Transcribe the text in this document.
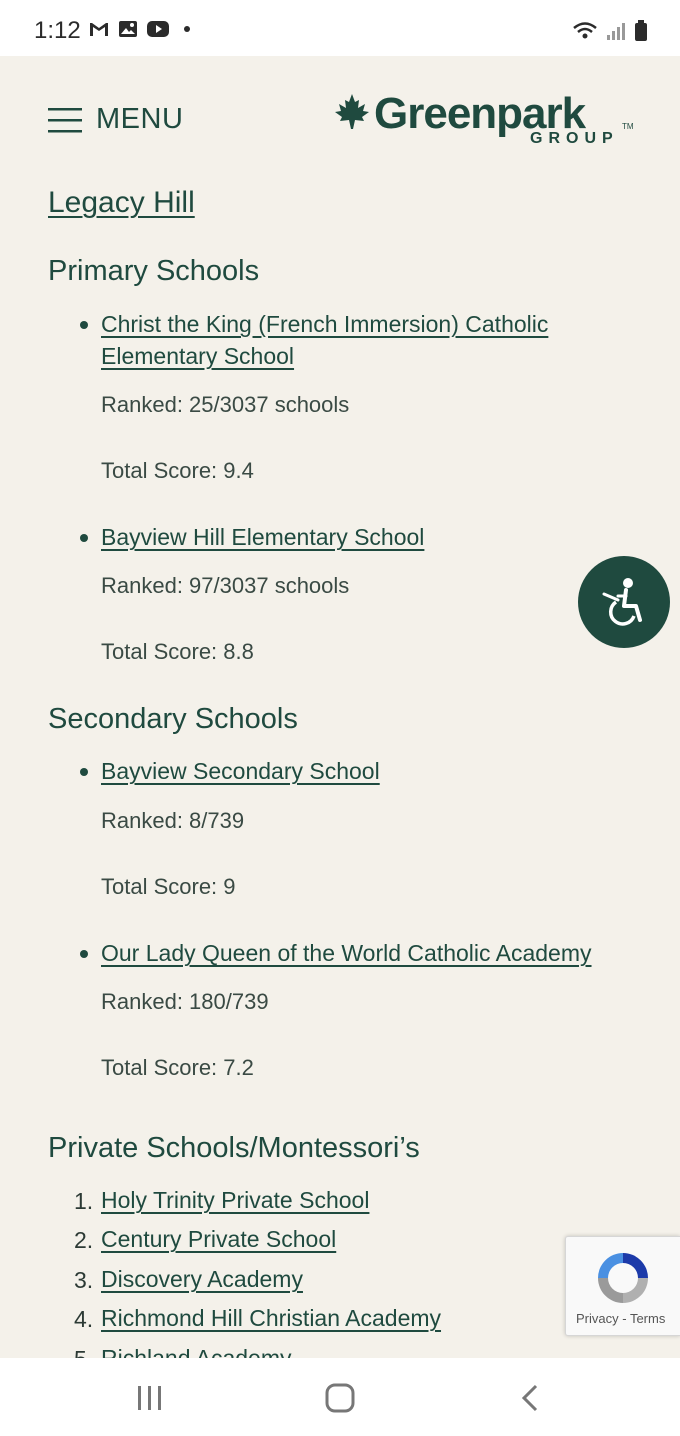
1:12
MENU	Greenpark
GROUP
TM
Legacy Hill
Primary Schools
Christ the King (French Immersion) Catholic Elementary School

Ranked: 25/3037 schools

Total Score: 9.4

Bayview Hill Elementary School

Ranked: 97/3037 schools

Total Score: 8.8

Secondary Schools
Bayview Secondary School

Ranked: 8/739

Total Score: 9

Our Lady Queen of the World Catholic Academy

Ranked: 180/739

Total Score: 7.2

Private Schools/Montessori’s
1. Holy Trinity Private School
2. Century Private School
3. Discovery Academy
4. Richmond Hill Christian Academy	Privacy - Terms
